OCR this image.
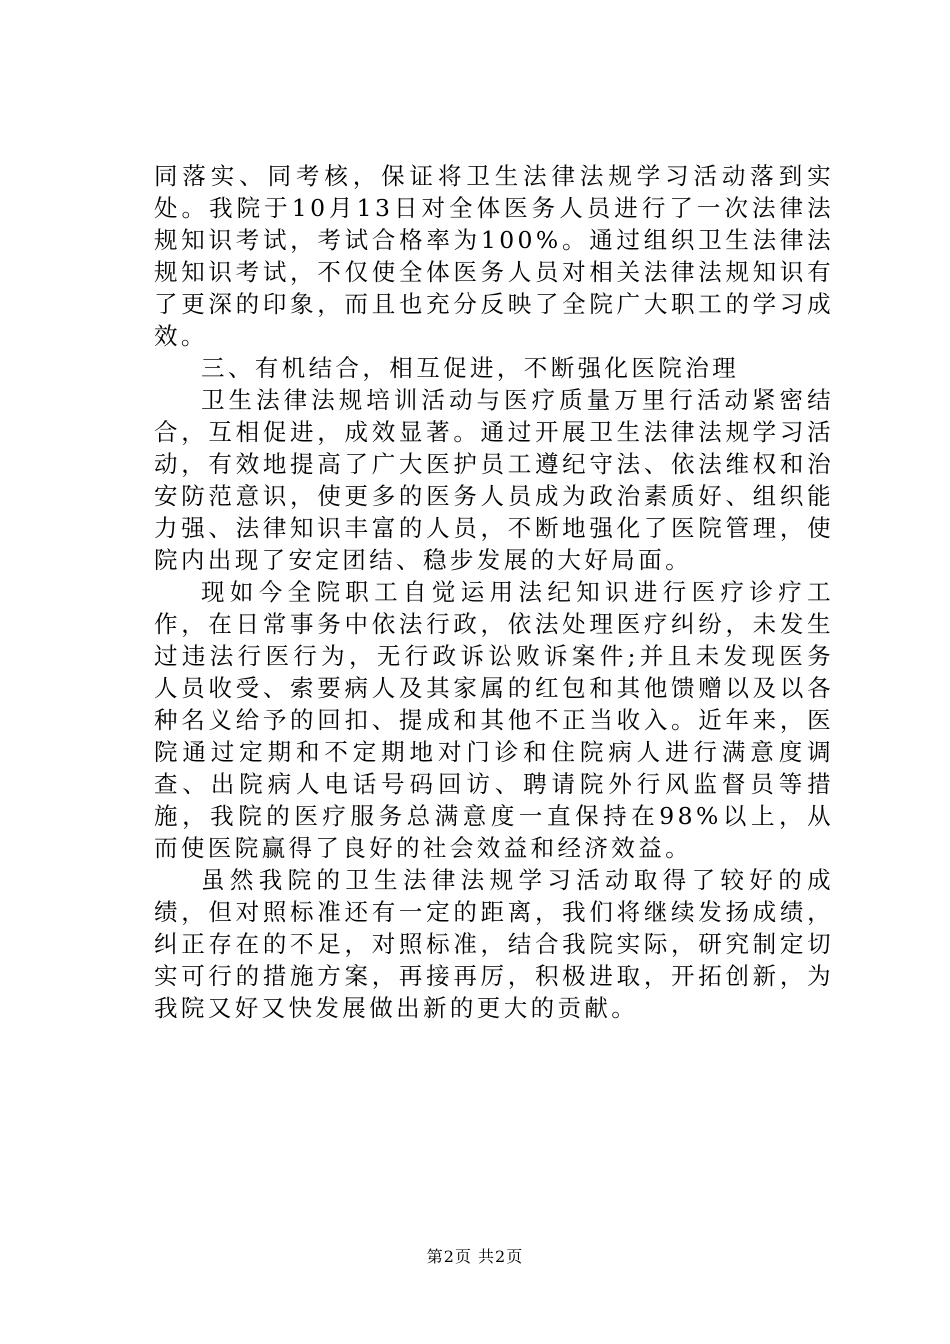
同落实、同考核，保证将卫生法律法规学习活动落到实处。我院于10月13日对全体医务人员进行了一次法律法规知识考试，考试合格率为100%。通过组织卫生法律法规知识考试，不仅使全体医务人员对相关法律法规知识有了更深的印象，而且也充分反映了全院广大职工的学习成效。

三、有机结合，相互促进，不断强化医院治理

卫生法律法规培训活动与医疗质量万里行活动紧密结合，互相促进，成效显著。通过开展卫生法律法规学习活动，有效地提高了广大医护员工遵纪守法、依法维权和治安防范意识，使更多的医务人员成为政治素质好、组织能力强、法律知识丰富的人员，不断地强化了医院管理，使院内出现了安定团结、稳步发展的大好局面。

现如今全院职工自觉运用法纪知识进行医疗诊疗工作，在日常事务中依法行政，依法处理医疗纠纷，未发生过违法行医行为，无行政诉讼败诉案件;并且未发现医务人员收受、索要病人及其家属的红包和其他馈赠以及以各种名义给予的回扣、提成和其他不正当收入。近年来，医院通过定期和不定期地对门诊和住院病人进行满意度调查、出院病人电话号码回访、聘请院外行风监督员等措施，我院的医疗服务总满意度一直保持在98%以上，从而使医院赢得了良好的社会效益和经济效益。

虽然我院的卫生法律法规学习活动取得了较好的成绩，但对照标准还有一定的距离，我们将继续发扬成绩，纠正存在的不足，对照标准，结合我院实际，研究制定切实可行的措施方案，再接再厉，积极进取，开拓创新，为我院又好又快发展做出新的更大的贡献。

第2页 共2页
